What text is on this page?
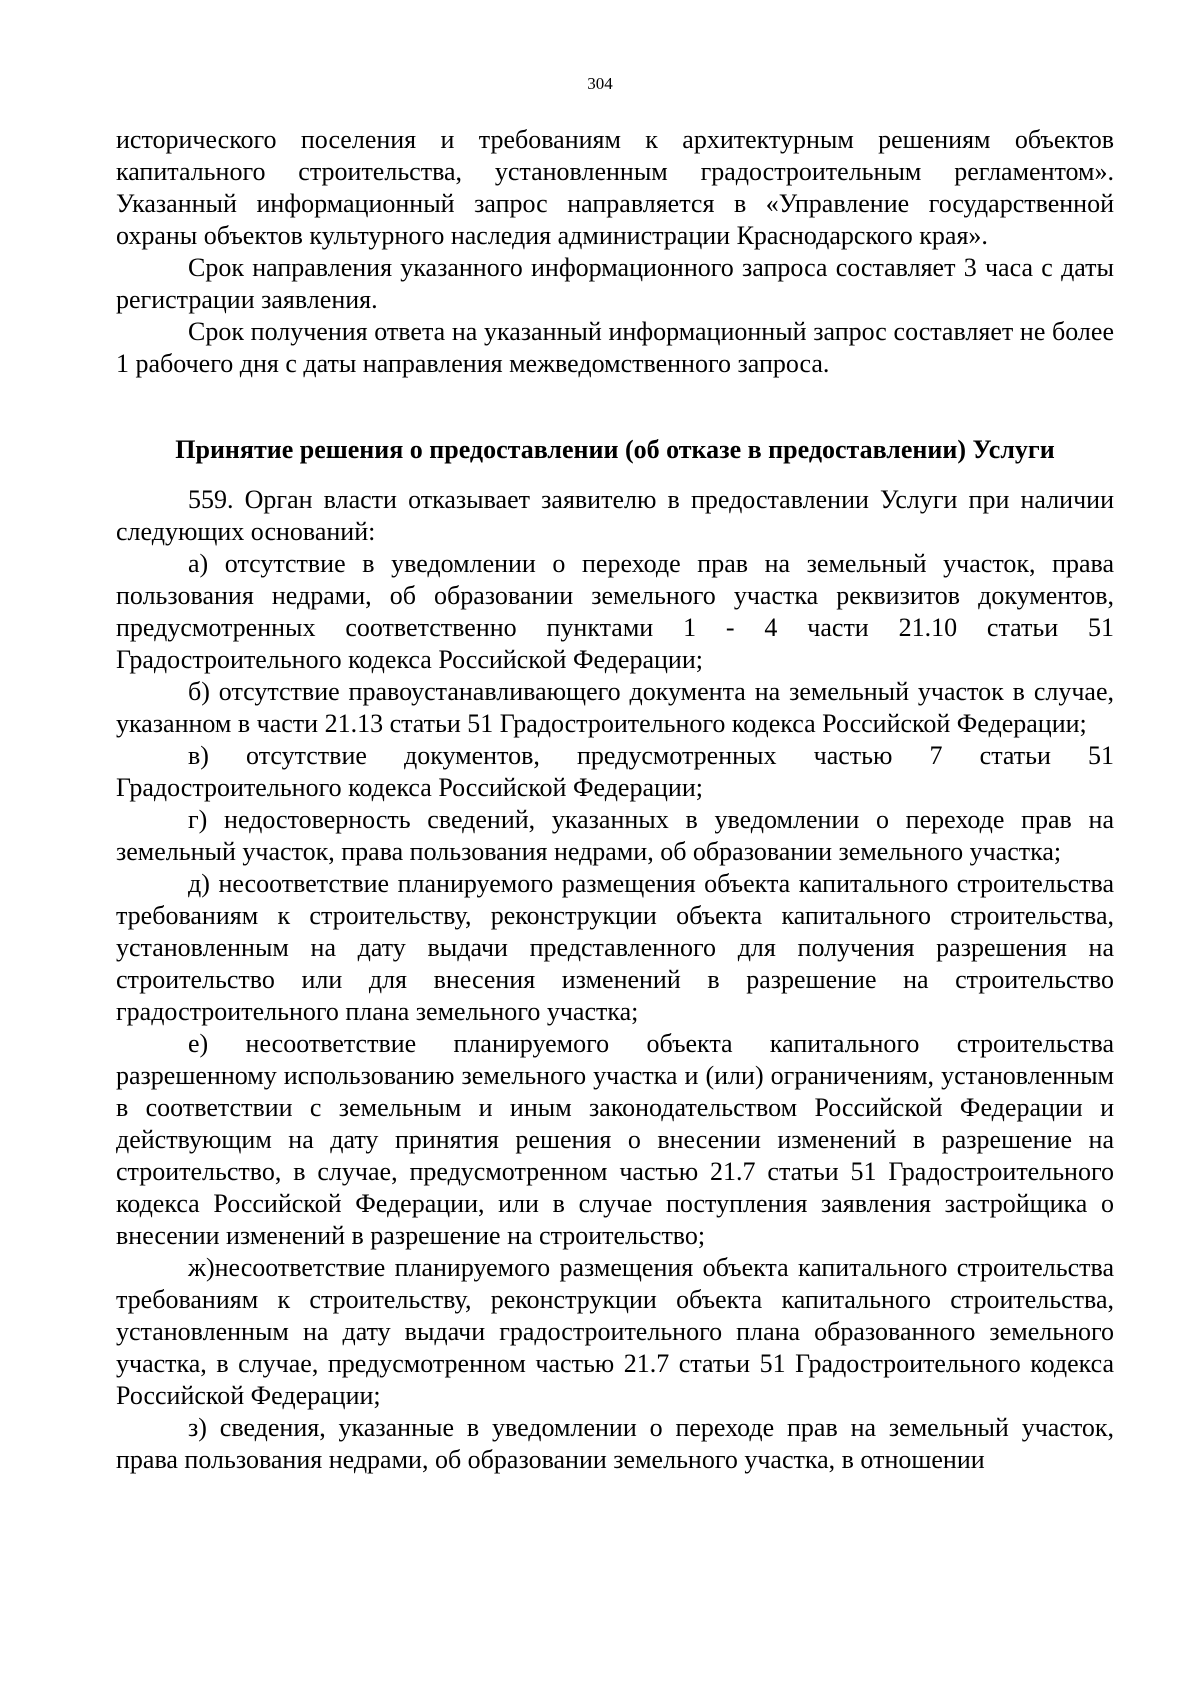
304

исторического поселения и требованиям к архитектурным решениям объектов капитального строительства, установленным градостроительным регламентом». Указанный информационный запрос направляется в «Управление государственной охраны объектов культурного наследия администрации Краснодарского края».

Срок направления указанного информационного запроса составляет 3 часа с даты регистрации заявления.

Срок получения ответа на указанный информационный запрос составляет не более 1 рабочего дня с даты направления межведомственного запроса.

Принятие решения о предоставлении (об отказе в предоставлении) Услуги

559. Орган власти отказывает заявителю в предоставлении Услуги при наличии следующих оснований:

а) отсутствие в уведомлении о переходе прав на земельный участок, права пользования недрами, об образовании земельного участка реквизитов документов, предусмотренных соответственно пунктами 1 - 4 части 21.10 статьи 51 Градостроительного кодекса Российской Федерации;

б) отсутствие правоустанавливающего документа на земельный участок в случае, указанном в части 21.13 статьи 51 Градостроительного кодекса Российской Федерации;

в) отсутствие документов, предусмотренных частью 7 статьи 51 Градостроительного кодекса Российской Федерации;

г) недостоверность сведений, указанных в уведомлении о переходе прав на земельный участок, права пользования недрами, об образовании земельного участка;

д) несоответствие планируемого размещения объекта капитального строительства требованиям к строительству, реконструкции объекта капитального строительства, установленным на дату выдачи представленного для получения разрешения на строительство или для внесения изменений в разрешение на строительство градостроительного плана земельного участка;

е) несоответствие планируемого объекта капитального строительства разрешенному использованию земельного участка и (или) ограничениям, установленным в соответствии с земельным и иным законодательством Российской Федерации и действующим на дату принятия решения о внесении изменений в разрешение на строительство, в случае, предусмотренном частью 21.7 статьи 51 Градостроительного кодекса Российской Федерации, или в случае поступления заявления застройщика о внесении изменений в разрешение на строительство;

ж)несоответствие планируемого размещения объекта капитального строительства требованиям к строительству, реконструкции объекта капитального строительства, установленным на дату выдачи градостроительного плана образованного земельного участка, в случае, предусмотренном частью 21.7 статьи 51 Градостроительного кодекса Российской Федерации;

з) сведения, указанные в уведомлении о переходе прав на земельный участок, права пользования недрами, об образовании земельного участка, в отношении
